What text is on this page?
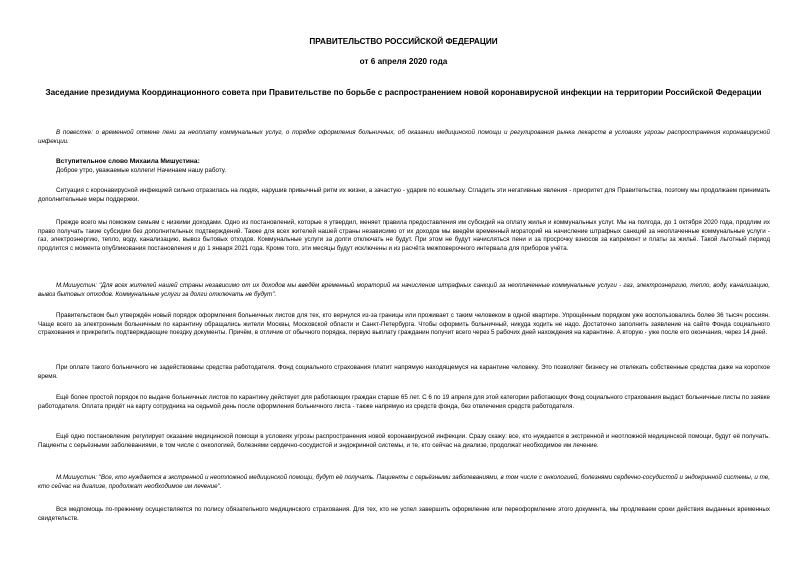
ПРАВИТЕЛЬСТВО РОССИЙСКОЙ ФЕДЕРАЦИИ
от 6 апреля 2020 года
Заседание президиума Координационного совета при Правительстве по борьбе с распространением новой коронавирусной инфекции на территории Российской Федерации
В повестке: о временной отмене пени за неоплату коммунальных услуг, о порядке оформления больничных, об оказании медицинской помощи и регулирования рынка лекарств в условиях угрозы распространения коронавирусной инфекции.
Вступительное слово Михаила Мишустина:
Доброе утро, уважаемые коллеги! Начинаем нашу работу.
Ситуация с коронавирусной инфекцией сильно отразилась на людях, нарушив привычный ритм их жизни, а зачастую - ударив по кошельку. Сгладить эти негативные явления - приоритет для Правительства, поэтому мы продолжаем принимать дополнительные меры поддержки.
Прежде всего мы поможем семьям с низкими доходами. Одно из постановлений, которые я утвердил, меняет правила предоставления им субсидий на оплату жилья и коммунальных услуг. Мы на полгода, до 1 октября 2020 года, продлим их право получать такие субсидии без дополнительных подтверждений. Также для всех жителей нашей страны независимо от их доходов мы введём временный мораторий на начисление штрафных санкций за неоплаченные коммунальные услуги - газ, электроэнергию, тепло, воду, канализацию, вывоз бытовых отходов. Коммунальные услуги за долги отключать не будут. При этом не будут начисляться пени и за просрочку взносов за капремонт и платы за жильё. Такой льготный период продлится с момента опубликования постановления и до 1 января 2021 года. Кроме того, эти месяцы будут исключены и из расчёта межповерочного интервала для приборов учёта.
М.Мишустин: "Для всех жителей нашей страны независимо от их доходов мы введём временный мораторий на начисление штрафных санкций за неоплаченные коммунальные услуги - газ, электроэнергию, тепло, воду, канализацию, вывоз бытовых отходов. Коммунальные услуги за долги отключать не будут".
Правительством был утверждён новый порядок оформления больничных листов для тех, кто вернулся из-за границы или проживает с таким человеком в одной квартире. Упрощённым порядком уже воспользовались более 36 тысяч россиян. Чаще всего за электронным больничным по карантину обращались жители Москвы, Московской области и Санкт-Петербурга. Чтобы оформить больничный, никуда ходить не надо. Достаточно заполнить заявление на сайте Фонда социального страхования и прикрепить подтверждающие поездку документы. Причём, в отличие от обычного порядка, первую выплату гражданин получит всего через 5 рабочих дней нахождения на карантине. А вторую - уже после его окончания, через 14 дней.
При оплате такого больничного не задействованы средства работодателя. Фонд социального страхования платит напрямую находящемуся на карантине человеку. Это позволяет бизнесу не отвлекать собственные средства даже на короткое время.
Ещё более простой порядок по выдаче больничных листов по карантину действует для работающих граждан старше 65 лет. С 6 по 19 апреля для этой категории работающих Фонд социального страхования выдаст больничные листы по заявке работодателя. Оплата придёт на карту сотрудника на седьмой день после оформления больничного листа - также напрямую из средств фонда, без отвлечения средств работодателя.
Ещё одно постановление регулирует оказание медицинской помощи в условиях угрозы распространения новой коронавирусной инфекции. Сразу скажу: все, кто нуждается в экстренной и неотложной медицинской помощи, будут её получать. Пациенты с серьёзными заболеваниями, в том числе с онкологией, болезнями сердечно-сосудистой и эндокринной системы, и те, кто сейчас на диализе, продолжат необходимое им лечение.
М.Мишустин: "Все, кто нуждается в экстренной и неотложной медицинской помощи, будут её получать. Пациенты с серьёзными заболеваниями, в том числе с онкологией, болезнями сердечно-сосудистой и эндокринной системы, и те, кто сейчас на диализе, продолжат необходимое им лечение".
Вся медпомощь по-прежнему осуществляется по полису обязательного медицинского страхования. Для тех, кто не успел завершить оформление или переоформление этого документа, мы продлеваем сроки действия выданных временных свидетельств.
